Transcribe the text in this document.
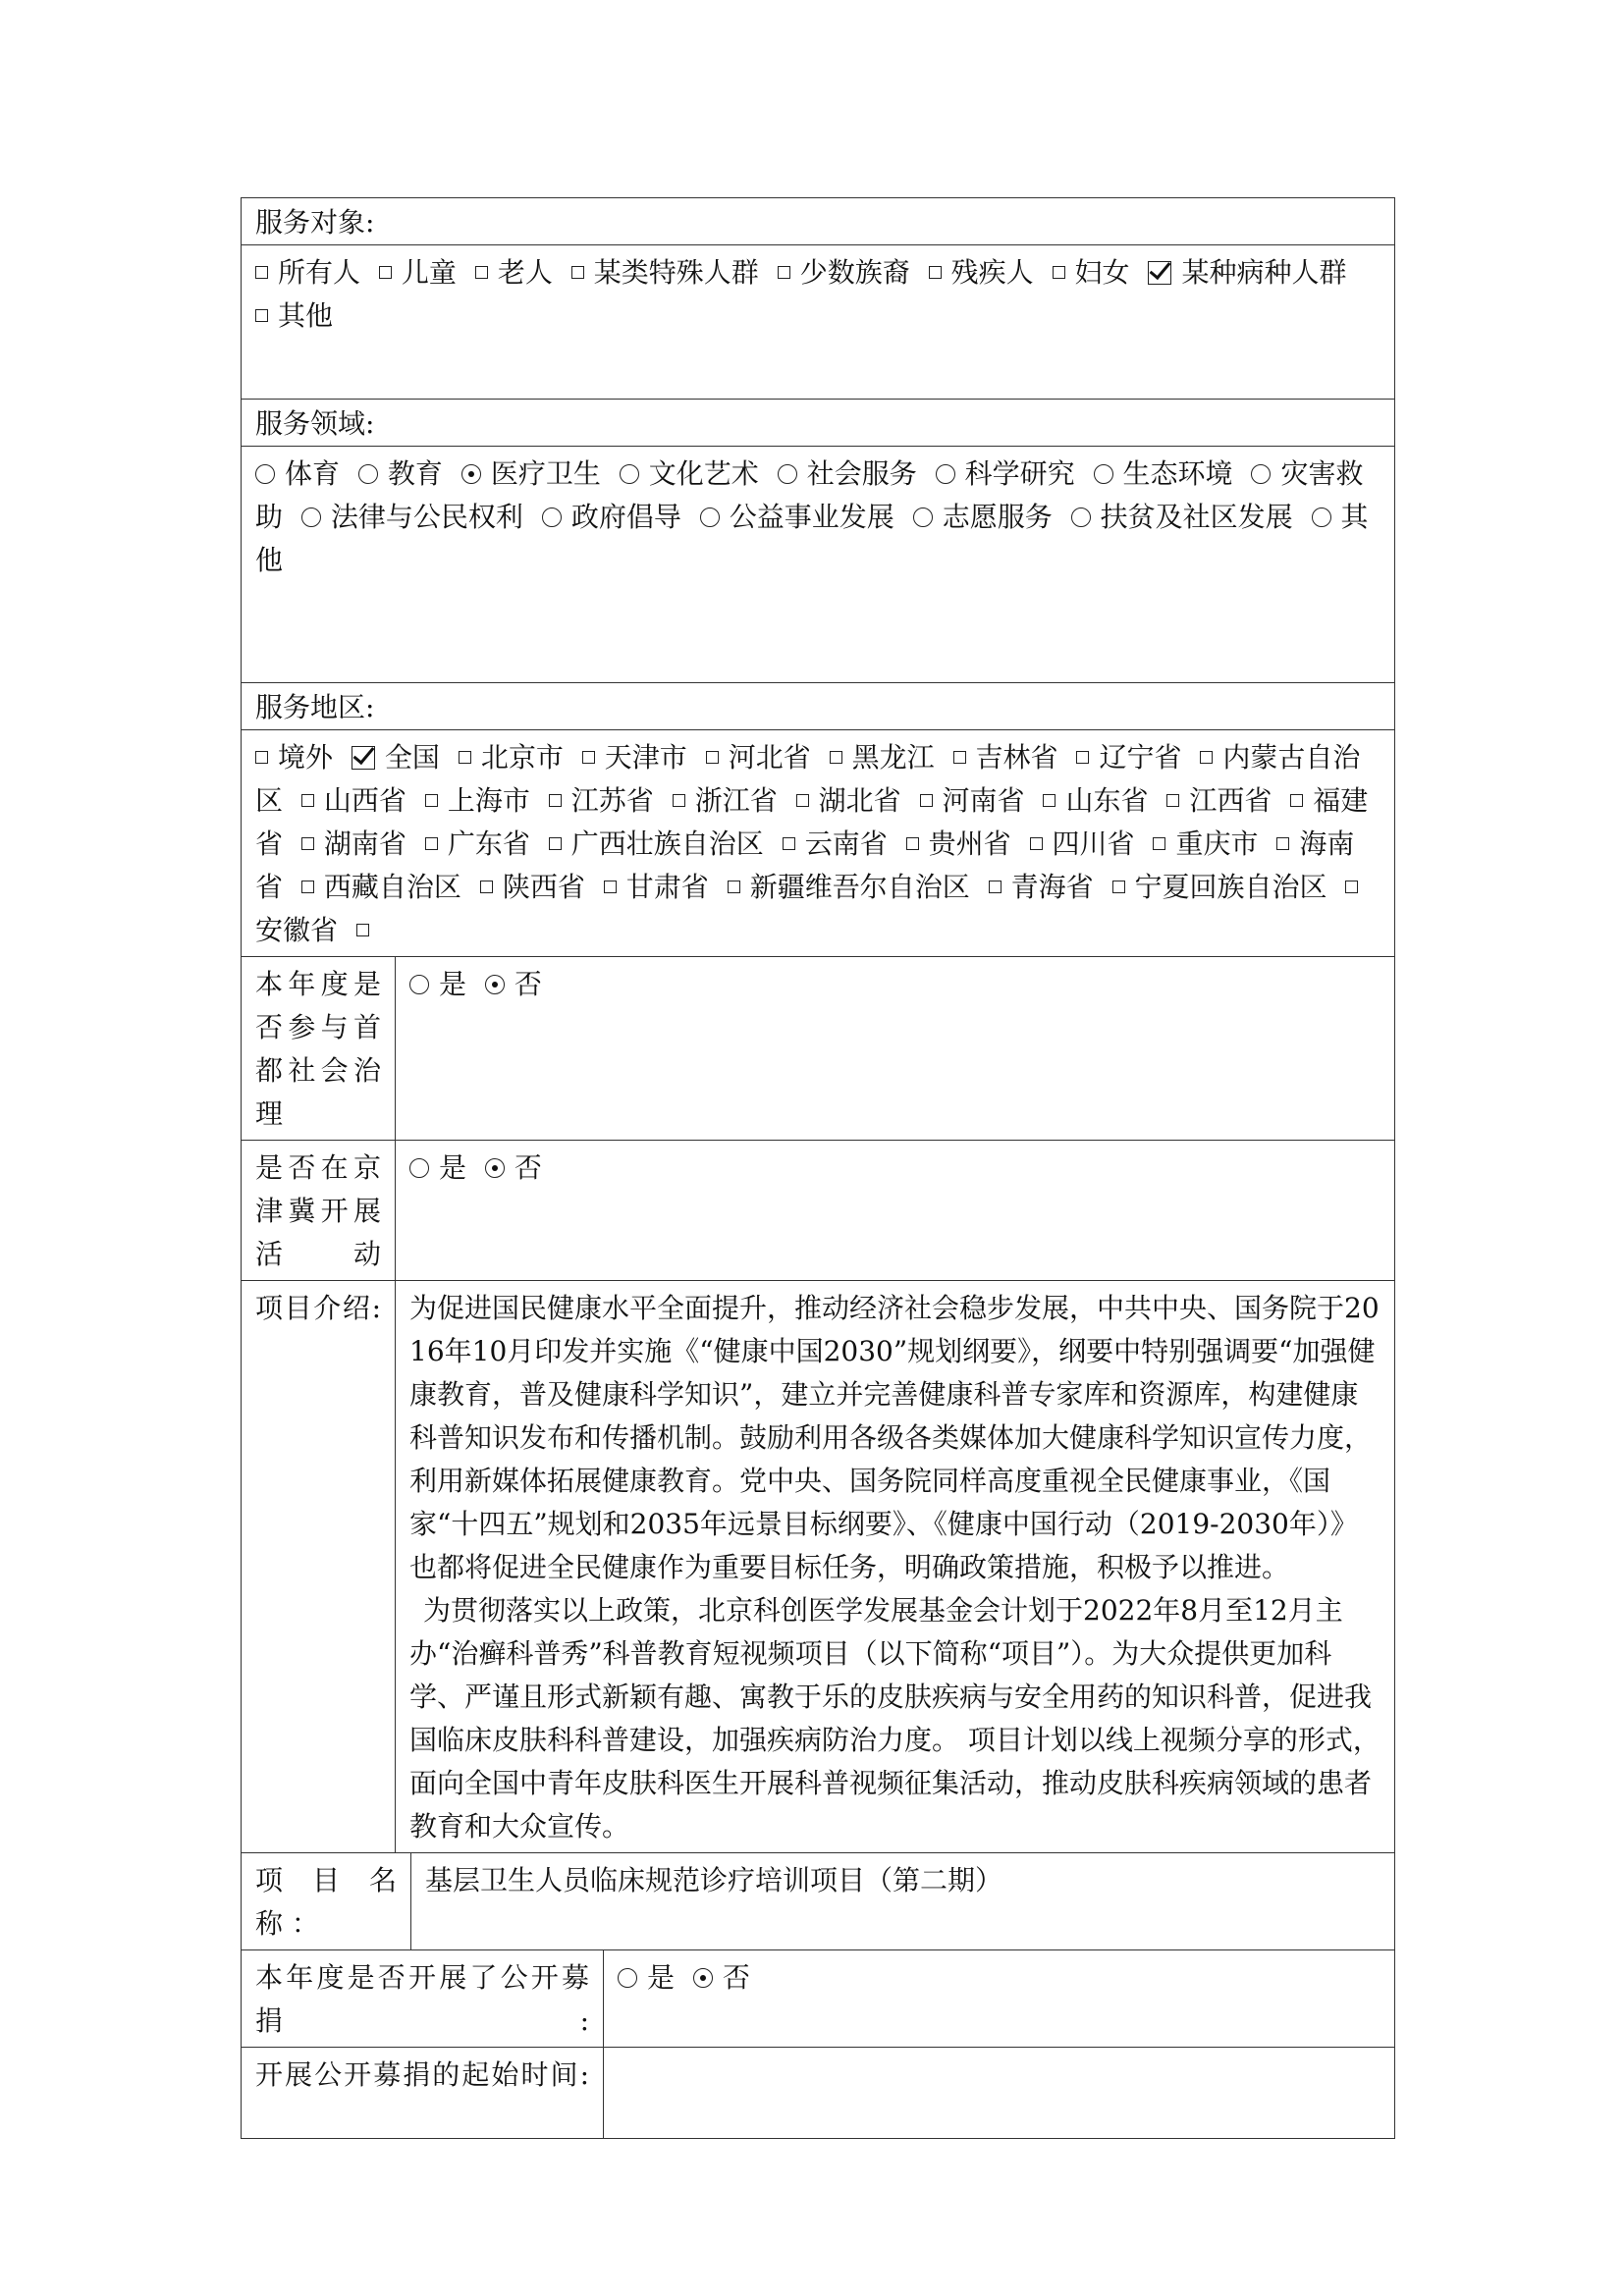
服务对象:			

所有人 儿童 老人 某类特殊人群 少数族裔 残疾人 妇女 某种病种人群 其他			

服务领域:			

体育 教育 医疗卫生 文化艺术 社会服务 科学研究 生态环境 灾害救助 法律与公民权利 政府倡导 公益事业发展 志愿服务 扶贫及社区发展 其他			

服务地区:			

境外 全国 北京市 天津市 河北省 黑龙江 吉林省 辽宁省 内蒙古自治区 山西省 上海市 江苏省 浙江省 湖北省 河南省 山东省 江西省 福建省 湖南省 广东省 广西壮族自治区 云南省 贵州省 四川省 重庆市 海南省 西藏自治区 陕西省 甘肃省 新疆维吾尔自治区 青海省 宁夏回族自治区 安徽省			

本年度是否参与首都社会治理	是 否		
是否在京津冀开展活动	是 否		
项目介绍:	为促进国民健康水平全面提升，推动经济社会稳步发展，中共中央、国务院于2016年10月印发并实施《“健康中国2030”规划纲要》，纲要中特别强调要“加强健康教育，普及健康科学知识”，建立并完善健康科普专家库和资源库，构建健康科普知识发布和传播机制。鼓励利用各级各类媒体加大健康科学知识宣传力度，利用新媒体拓展健康教育。党中央、国务院同样高度重视全民健康事业，《国家“十四五”规划和2035年远景目标纲要》、《健康中国行动（2019-2030年）》也都将促进全民健康作为重要目标任务，明确政策措施，积极予以推进。

为贯彻落实以上政策，北京科创医学发展基金会计划于2022年8月至12月主办“治癣科普秀”科普教育短视频项目（以下简称“项目”）。为大众提供更加科学、严谨且形式新颖有趣、寓教于乐的皮肤疾病与安全用药的知识科普，促进我国临床皮肤科科普建设，加强疾病防治力度。 项目计划以线上视频分享的形式，面向全国中青年皮肤科医生开展科普视频征集活动，推动皮肤科疾病领域的患者教育和大众宣传。		

项 目 名
称 ：		基层卫生人员临床规范诊疗培训项目（第二期）	
本年度是否开展了公开募捐:			是 否
开展公开募捐的起始时间:			
